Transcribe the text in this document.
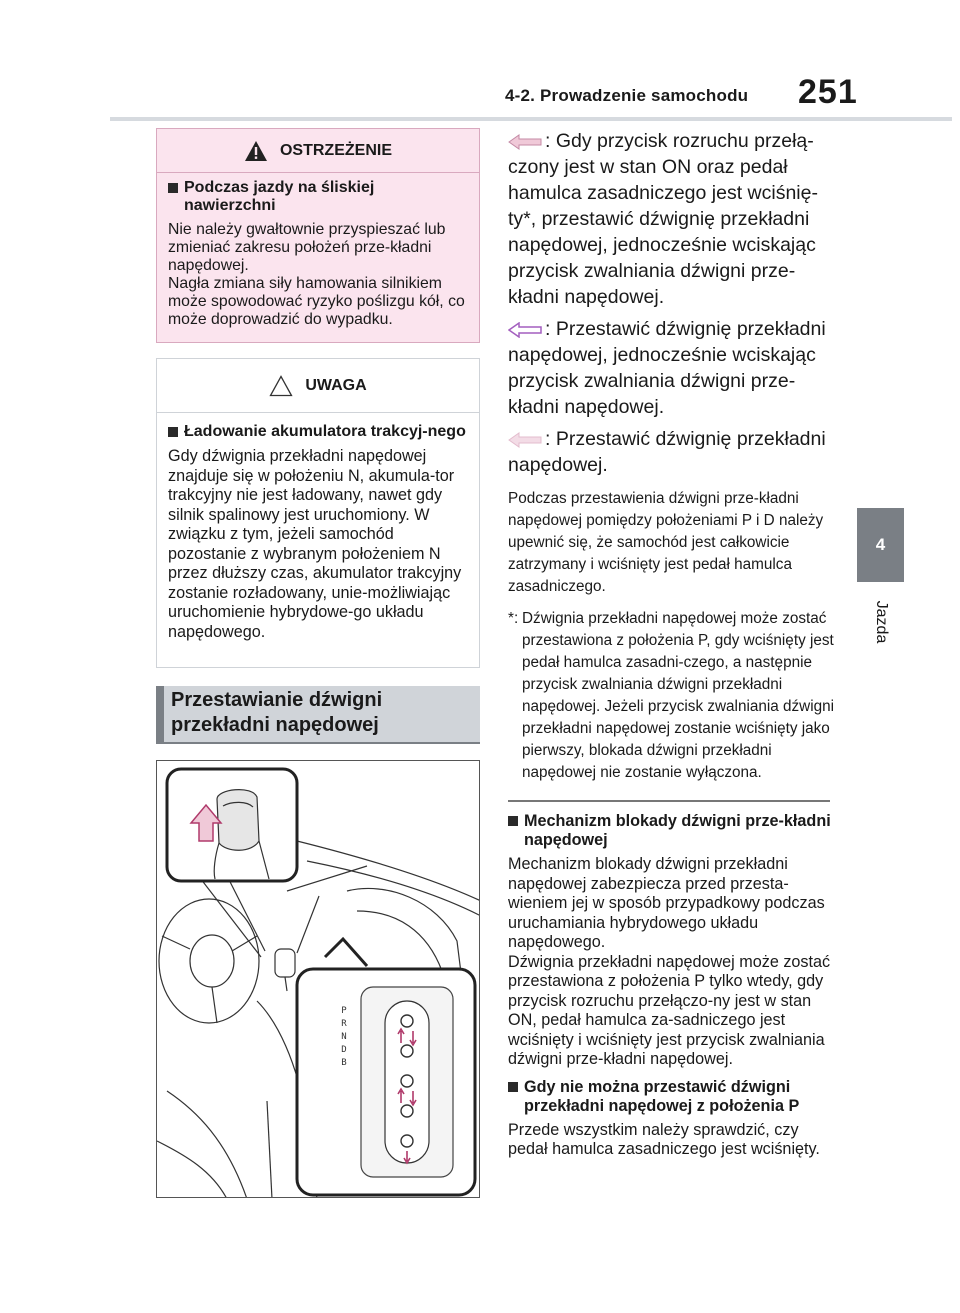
4-2. Prowadzenie samochodu 251
4
Jazda
OSTRZEŻENIE
Podczas jazdy na śliskiej nawierzchni
Nie należy gwałtownie przyspieszać lub zmieniać zakresu położeń prze-kładni napędowej.
Nagła zmiana siły hamowania silnikiem może spowodować ryzyko poślizgu kół, co może doprowadzić do wypadku.
UWAGA
Ładowanie akumulatora trakcyj-nego
Gdy dźwignia przekładni napędowej znajduje się w położeniu N, akumula-tor trakcyjny nie jest ładowany, nawet gdy silnik spalinowy jest uruchomiony. W związku z tym, jeżeli samochód pozostanie z wybranym położeniem N przez dłuższy czas, akumulator trakcyjny zostanie rozładowany, unie-możliwiając uruchomienie hybrydowe-go układu napędowego.
Przestawianie dźwigni przekładni napędowej
P
R
N
D
B

: Gdy przycisk rozruchu przełą-czony jest w stan ON oraz pedał hamulca zasadniczego jest wciśnię-ty*, przestawić dźwignię przekładni napędowej, jednocześnie wciskając przycisk zwalniania dźwigni prze-kładni napędowej.

: Przestawić dźwignię przekładni napędowej, jednocześnie wciskając przycisk zwalniania dźwigni prze-kładni napędowej.

: Przestawić dźwignię przekładni napędowej.

Podczas przestawienia dźwigni prze-kładni napędowej pomiędzy położeniami P i D należy upewnić się, że samochód jest całkowicie zatrzymany i wciśnięty jest pedał hamulca zasadniczego.

*: Dźwignia przekładni napędowej może zostać przestawiona z położenia P, gdy wciśnięty jest pedał hamulca zasadni-czego, a następnie przycisk zwalniania dźwigni przekładni napędowej. Jeżeli przycisk zwalniania dźwigni przekładni napędowej zostanie wciśnięty jako pierwszy, blokada dźwigni przekładni napędowej nie zostanie wyłączona.
Mechanizm blokady dźwigni prze-kładni napędowej

Mechanizm blokady dźwigni przekładni napędowej zabezpiecza przed przesta-wieniem jej w sposób przypadkowy podczas uruchamiania hybrydowego układu napędowego.
Dźwignia przekładni napędowej może zostać przestawiona z położenia P tylko wtedy, gdy przycisk rozruchu przełączo-ny jest w stan ON, pedał hamulca za-sadniczego jest wciśnięty i wciśnięty jest przycisk zwalniania dźwigni prze-kładni napędowej.

Gdy nie można przestawić dźwigni przekładni napędowej z położenia P

Przede wszystkim należy sprawdzić, czy pedał hamulca zasadniczego jest wciśnięty.
